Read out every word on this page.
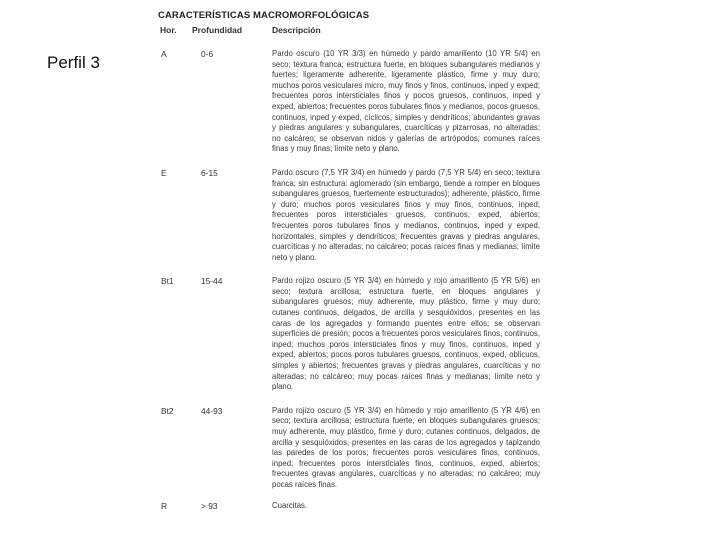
Perfil 3
CARACTERÍSTICAS MACROMORFOLÓGICAS
Hor. Profundidad	Descripción
A	0-6	Pardo oscuro (10 YR 3/3) en húmedo y pardo amarillento (10 YR 5/4) en seco; textura franca; estructura fuerte, en bloques subangulares medianos y fuertes; ligeramente adherente, ligeramente plástico, firme y muy duro; muchos poros vesiculares micro, muy finos y finos, continuos, inped y exped; frecuentes poros intersticiales finos y pocos gruesos, continuos, inped y exped, abiertos; frecuentes poros tubulares finos y medianos, pocos gruesos, continuos, inped y exped, cíclicos, simples y dendríticos; abundantes gravas y piedras angulares y subangulares, cuarcíticas y pizarrosas, no alteradas; no calcáreo; se observan nidos y galerías de artrópodos; comunes raíces finas y muy finas; límite neto y plano.
E	6-15	Pardo oscuro (7,5 YR 3/4) en húmedo y pardo (7,5 YR 5/4) en seco; textura franca; sin estructura: aglomerado (sin embargo, tiende a romper en bloques subangulares gruesos, fuertemente estructurados); adherente, plástico, firme y duro; muchos poros vesiculares finos y muy finos, continuos, inped; frecuentes poros intersticiales gruesos, continuos, exped, abiertos; frecuentes poros tubulares finos y medianos, continuos, inped y exped, horizontales, simples y dendríticos; frecuentes gravas y piedras angulares, cuarcíticas y no alteradas; no calcáreo; pocas raíces finas y medianas; límite neto y plano.
Bt1	15-44	Pardo rojizo oscuro (5 YR 3/4) en húmedo y rojo amarillento (5 YR 5/6) en seco; textura arcillosa; estructura fuerte, en bloques angulares y subangulares gruesos; muy adherente, muy plástico, firme y muy duro; cutanes continuos, delgados, de arcilla y sesquióxidos, presentes en las caras de los agregados y formando puentes entre ellos; se observan superficies de presión; pocos a frecuentes poros vesiculares finos, continuos, inped; muchos poros intersticiales finos y muy finos, continuos, inped y exped, abiertos; pocos poros tubulares gruesos, continuos, exped, oblicuos, simples y abiertos; frecuentes gravas y piedras angulares, cuarcíticas y no alteradas; no calcáreo; muy pocas raíces finas y medianas; límite neto y plano.
Bt2	44-93	Pardo rojizo oscuro (5 YR 3/4) en húmedo y rojo amarillento (5 YR 4/6) en seco; textura arcillosa; estructura fuerte, en bloques subangulares gruesos; muy adherente, muy plástico, firme y duro; cutanes continuos, delgados, de arcilla y sesquióxidos, presentes en las caras de los agregados y tapizando las paredes de los poros; frecuentes poros vesiculares finos, continuos, inped; frecuentes poros intersticiales finos, continuos, exped, abiertos; frecuentes gravas angulares, cuarcíticas y no alteradas; no calcáreo; muy pocas raíces finas.
R	> 93	Cuarcitas.
